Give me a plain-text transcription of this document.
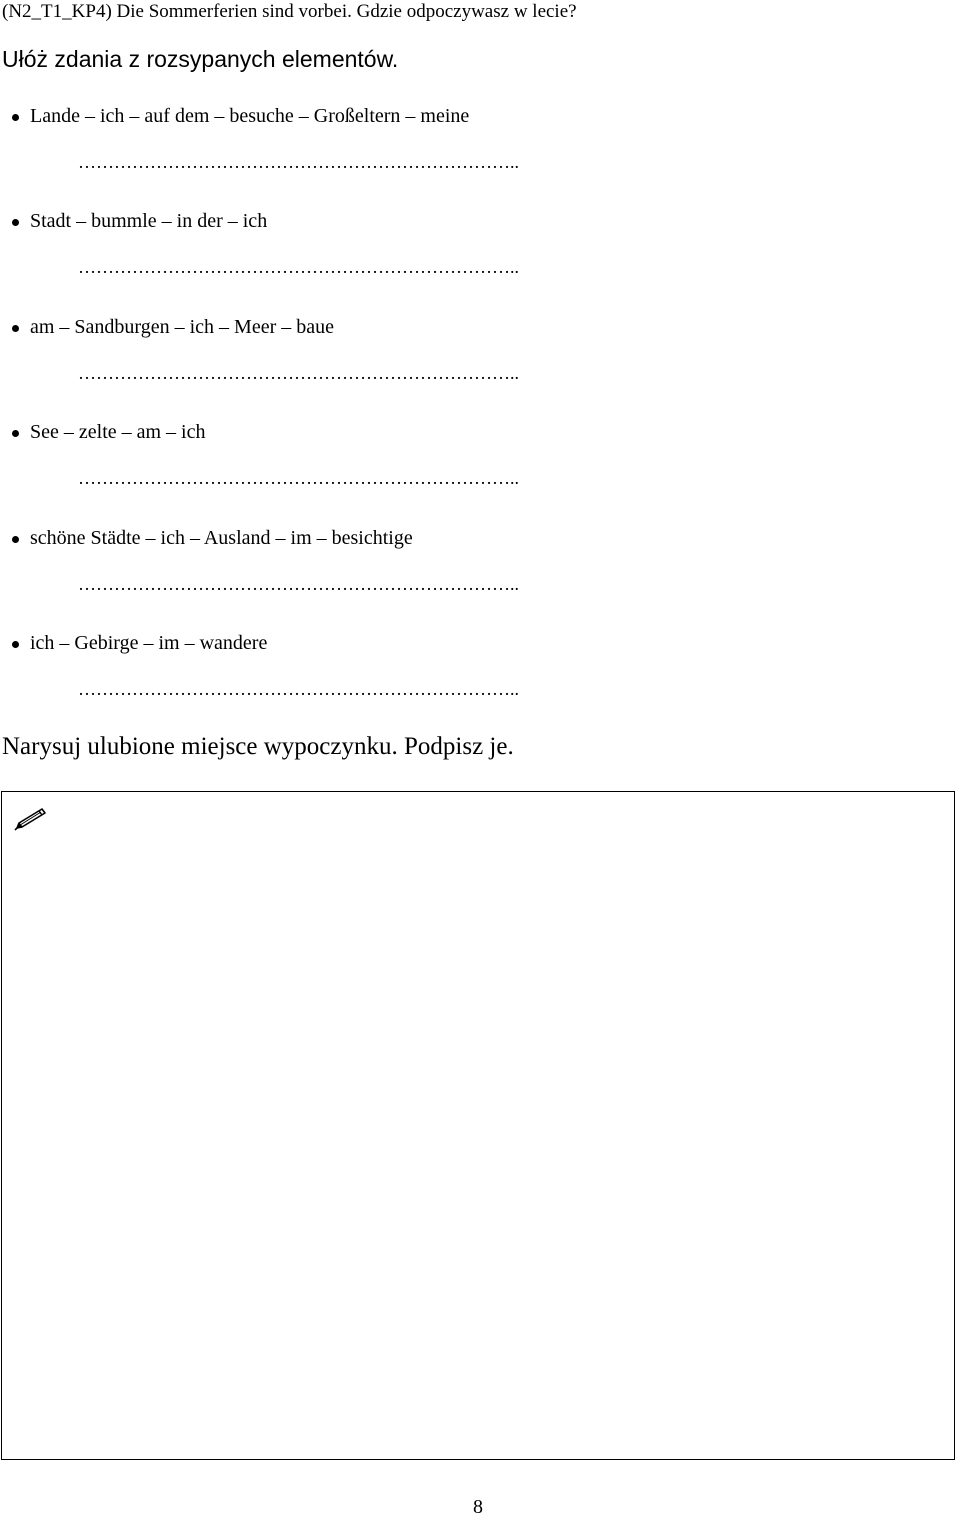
(N2_T1_KP4) Die Sommerferien sind vorbei. Gdzie odpoczywasz w lecie?
Ułóż zdania z rozsypanych elementów.
Lande – ich – auf dem – besuche – Großeltern – meine
………………………………………………………………..
Stadt – bummle – in der – ich
………………………………………………………………..
am – Sandburgen – ich – Meer – baue
………………………………………………………………..
See – zelte – am – ich
………………………………………………………………..
schöne Städte – ich – Ausland – im – besichtige
………………………………………………………………..
ich – Gebirge – im – wandere
………………………………………………………………..
Narysuj ulubione miejsce wypoczynku. Podpisz je.
8
